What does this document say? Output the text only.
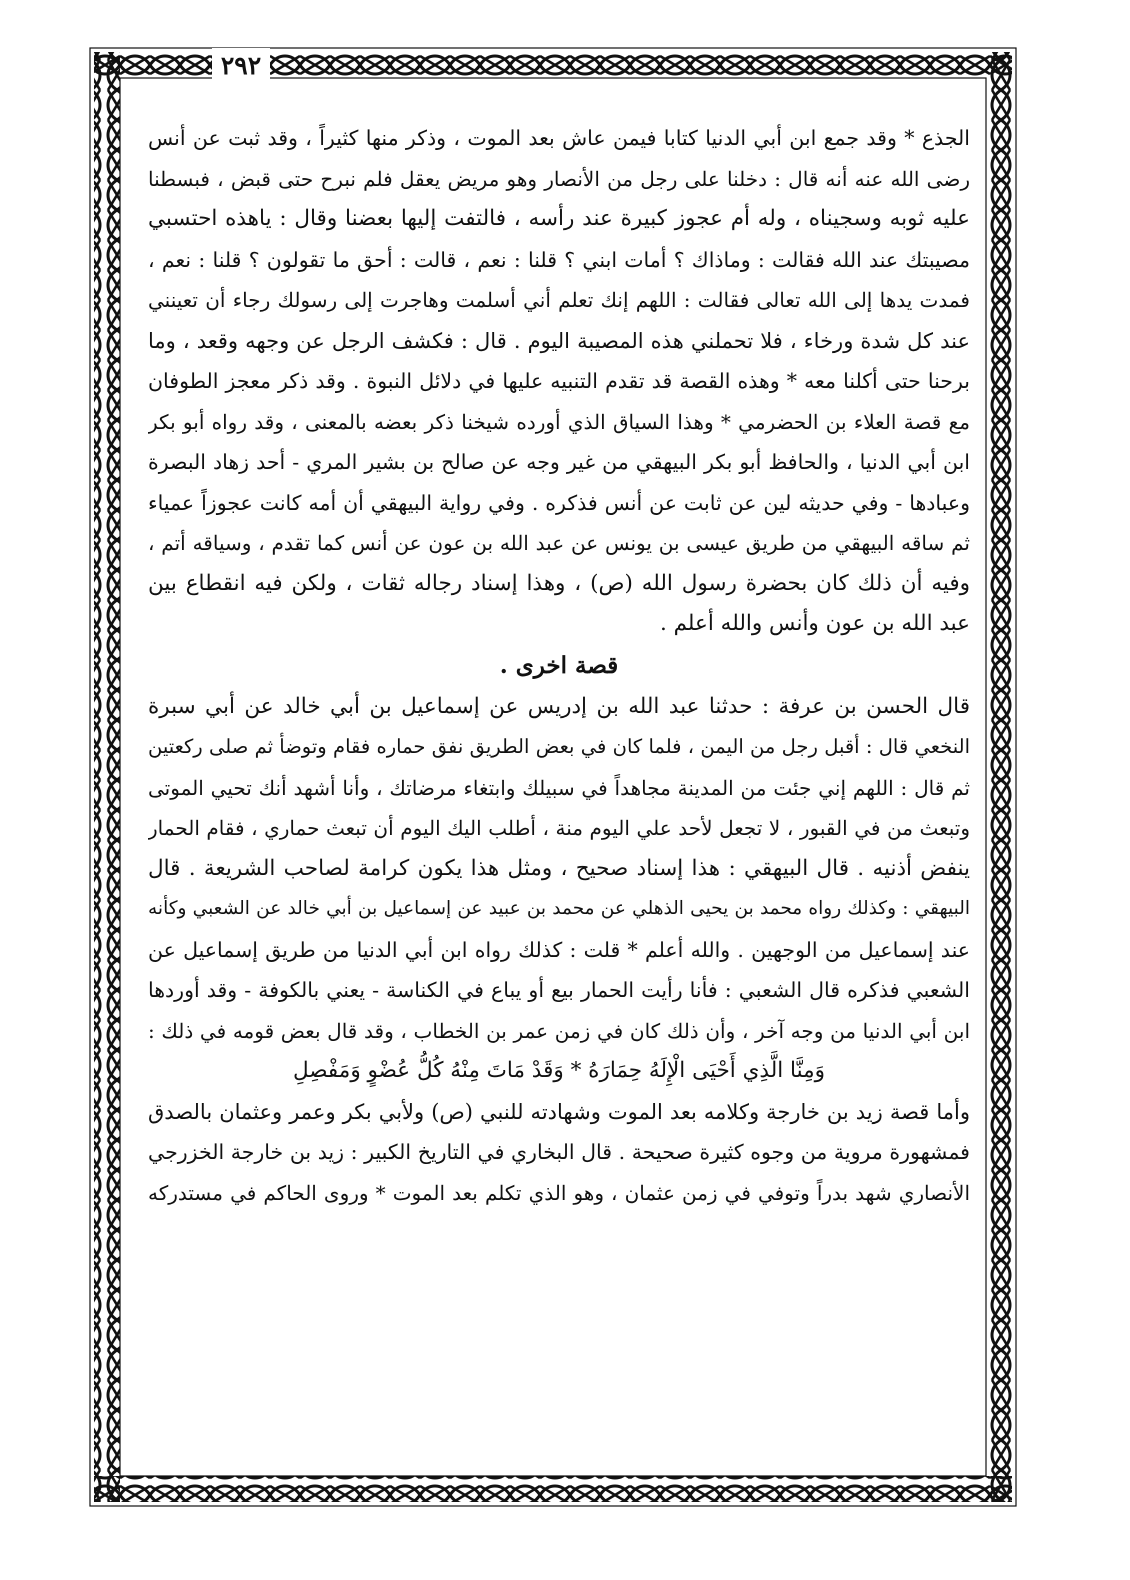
٢٩٢
الجذع * وقد جمع ابن أبي الدنيا كتابا فيمن عاش بعد الموت ، وذكر منها كثيراً ، وقد ثبت عن أنس
رضى الله عنه أنه قال : دخلنا على رجل من الأنصار وهو مريض يعقل فلم نبرح حتى قبض ، فبسطنا
عليه ثوبه وسجيناه ، وله أم عجوز كبيرة عند رأسه ، فالتفت إليها بعضنا وقال : ياهذه احتسبي
مصيبتك عند الله فقالت : وماذاك ؟ أمات ابني ؟ قلنا : نعم ، قالت : أحق ما تقولون ؟ قلنا : نعم ،
فمدت يدها إلى الله تعالى فقالت : اللهم إنك تعلم أني أسلمت وهاجرت إلى رسولك رجاء أن تعينني
عند كل شدة ورخاء ، فلا تحملني هذه المصيبة اليوم . قال : فكشف الرجل عن وجهه وقعد ، وما
برحنا حتى أكلنا معه * وهذه القصة قد تقدم التنبيه عليها في دلائل النبوة . وقد ذكر معجز الطوفان
مع قصة العلاء بن الحضرمي * وهذا السياق الذي أورده شيخنا ذكر بعضه بالمعنى ، وقد رواه أبو بكر
ابن أبي الدنيا ، والحافظ أبو بكر البيهقي من غير وجه عن صالح بن بشير المري - أحد زهاد البصرة
وعبادها - وفي حديثه لين عن ثابت عن أنس فذكره . وفي رواية البيهقي أن أمه كانت عجوزاً عمياء
ثم ساقه البيهقي من طريق عيسى بن يونس عن عبد الله بن عون عن أنس كما تقدم ، وسياقه أتم ،
وفيه أن ذلك كان بحضرة رسول الله (ص) ، وهذا إسناد رجاله ثقات ، ولكن فيه انقطاع بين
عبد الله بن عون وأنس والله أعلم .
قصة اخرى .
قال الحسن بن عرفة : حدثنا عبد الله بن إدريس عن إسماعيل بن أبي خالد عن أبي سبرة
النخعي قال : أقبل رجل من اليمن ، فلما كان في بعض الطريق نفق حماره فقام وتوضأ ثم صلى ركعتين
ثم قال : اللهم إني جئت من المدينة مجاهداً في سبيلك وابتغاء مرضاتك ، وأنا أشهد أنك تحيي الموتى
وتبعث من في القبور ، لا تجعل لأحد علي اليوم منة ، أطلب اليك اليوم أن تبعث حماري ، فقام الحمار
ينفض أذنيه . قال البيهقي : هذا إسناد صحيح ، ومثل هذا يكون كرامة لصاحب الشريعة . قال
البيهقي : وكذلك رواه محمد بن يحيى الذهلي عن محمد بن عبيد عن إسماعيل بن أبي خالد عن الشعبي وكأنه
عند إسماعيل من الوجهين . والله أعلم * قلت : كذلك رواه ابن أبي الدنيا من طريق إسماعيل عن
الشعبي فذكره قال الشعبي : فأنا رأيت الحمار بيع أو يباع في الكناسة - يعني بالكوفة - وقد أوردها
ابن أبي الدنيا من وجه آخر ، وأن ذلك كان في زمن عمر بن الخطاب ، وقد قال بعض قومه في ذلك :
وَمِنَّا الَّذِي أَحْيَى الْإِلَهُ حِمَارَهُ * وَقَدْ مَاتَ مِنْهُ كُلُّ عُضْوٍ وَمَفْصِلِ
وأما قصة زيد بن خارجة وكلامه بعد الموت وشهادته للنبي (ص) ولأبي بكر وعمر وعثمان بالصدق
فمشهورة مروية من وجوه كثيرة صحيحة . قال البخاري في التاريخ الكبير : زيد بن خارجة الخزرجي
الأنصاري شهد بدراً وتوفي في زمن عثمان ، وهو الذي تكلم بعد الموت * وروى الحاكم في مستدركه
